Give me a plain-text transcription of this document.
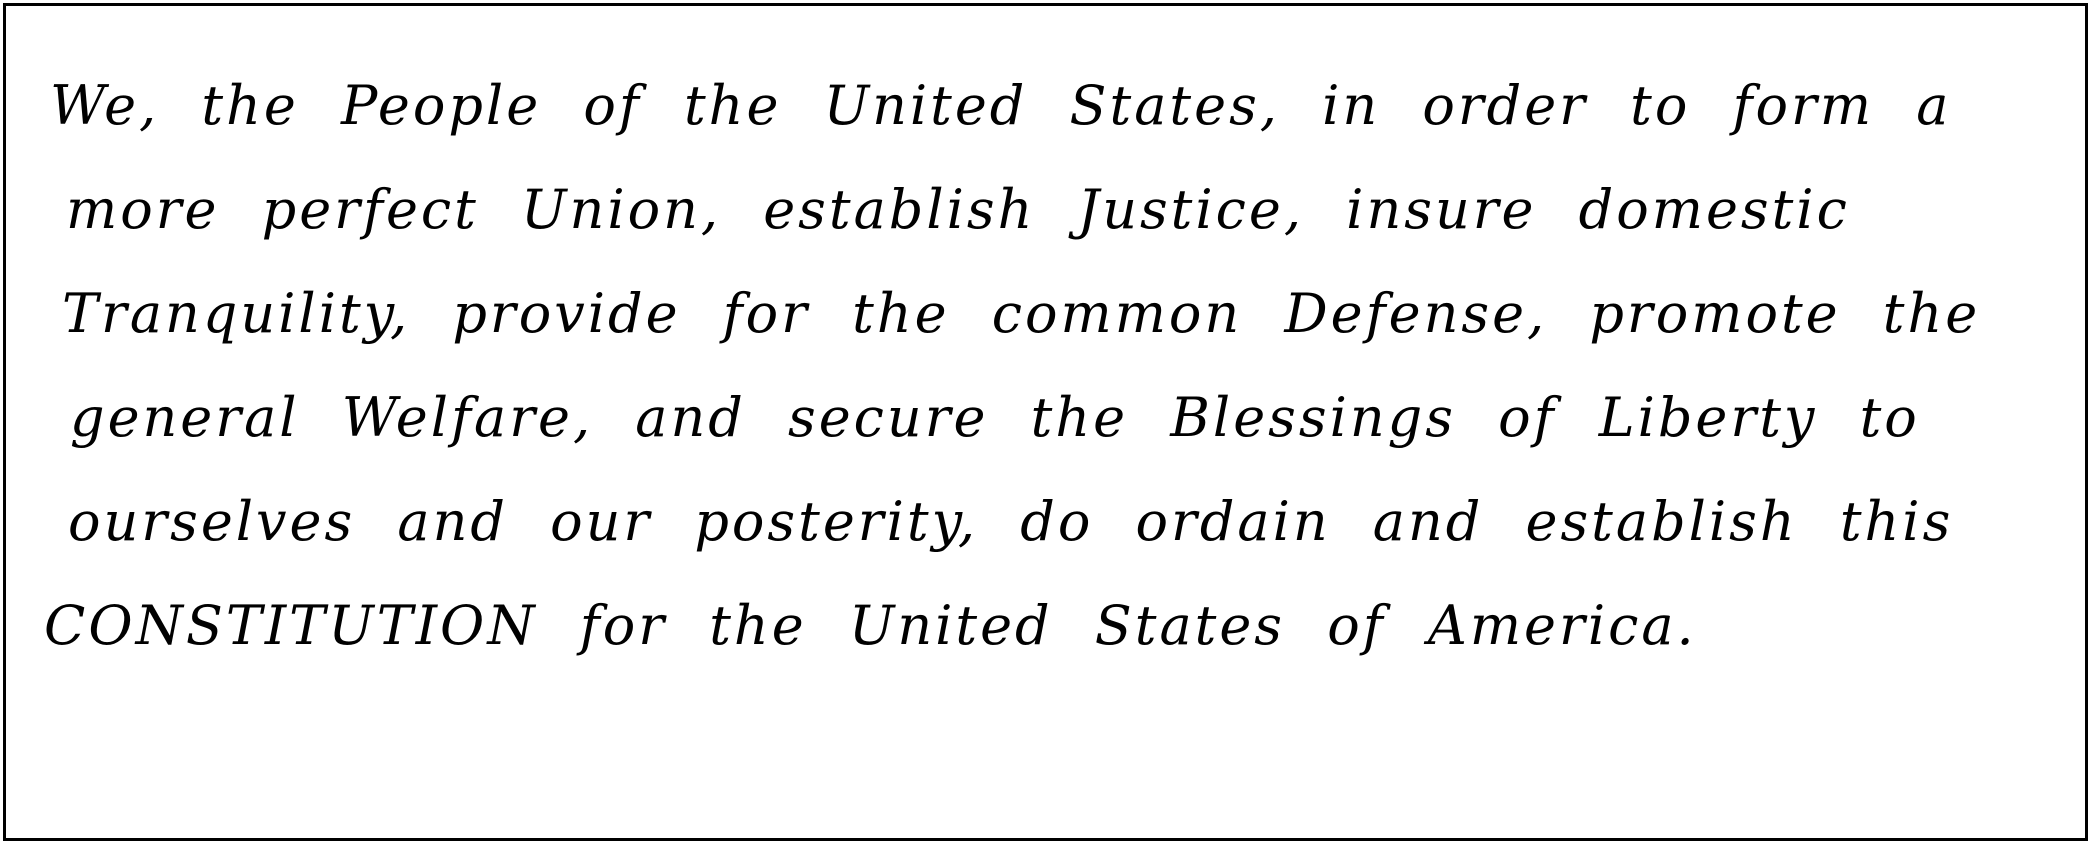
We, the People of the United States, in order to form a
more perfect Union, establish Justice, insure domestic
Tranquility, provide for the common Defense, promote the
general Welfare, and secure the Blessings of Liberty to
ourselves and our posterity, do ordain and establish this
CONSTITUTION for the United States of America.
